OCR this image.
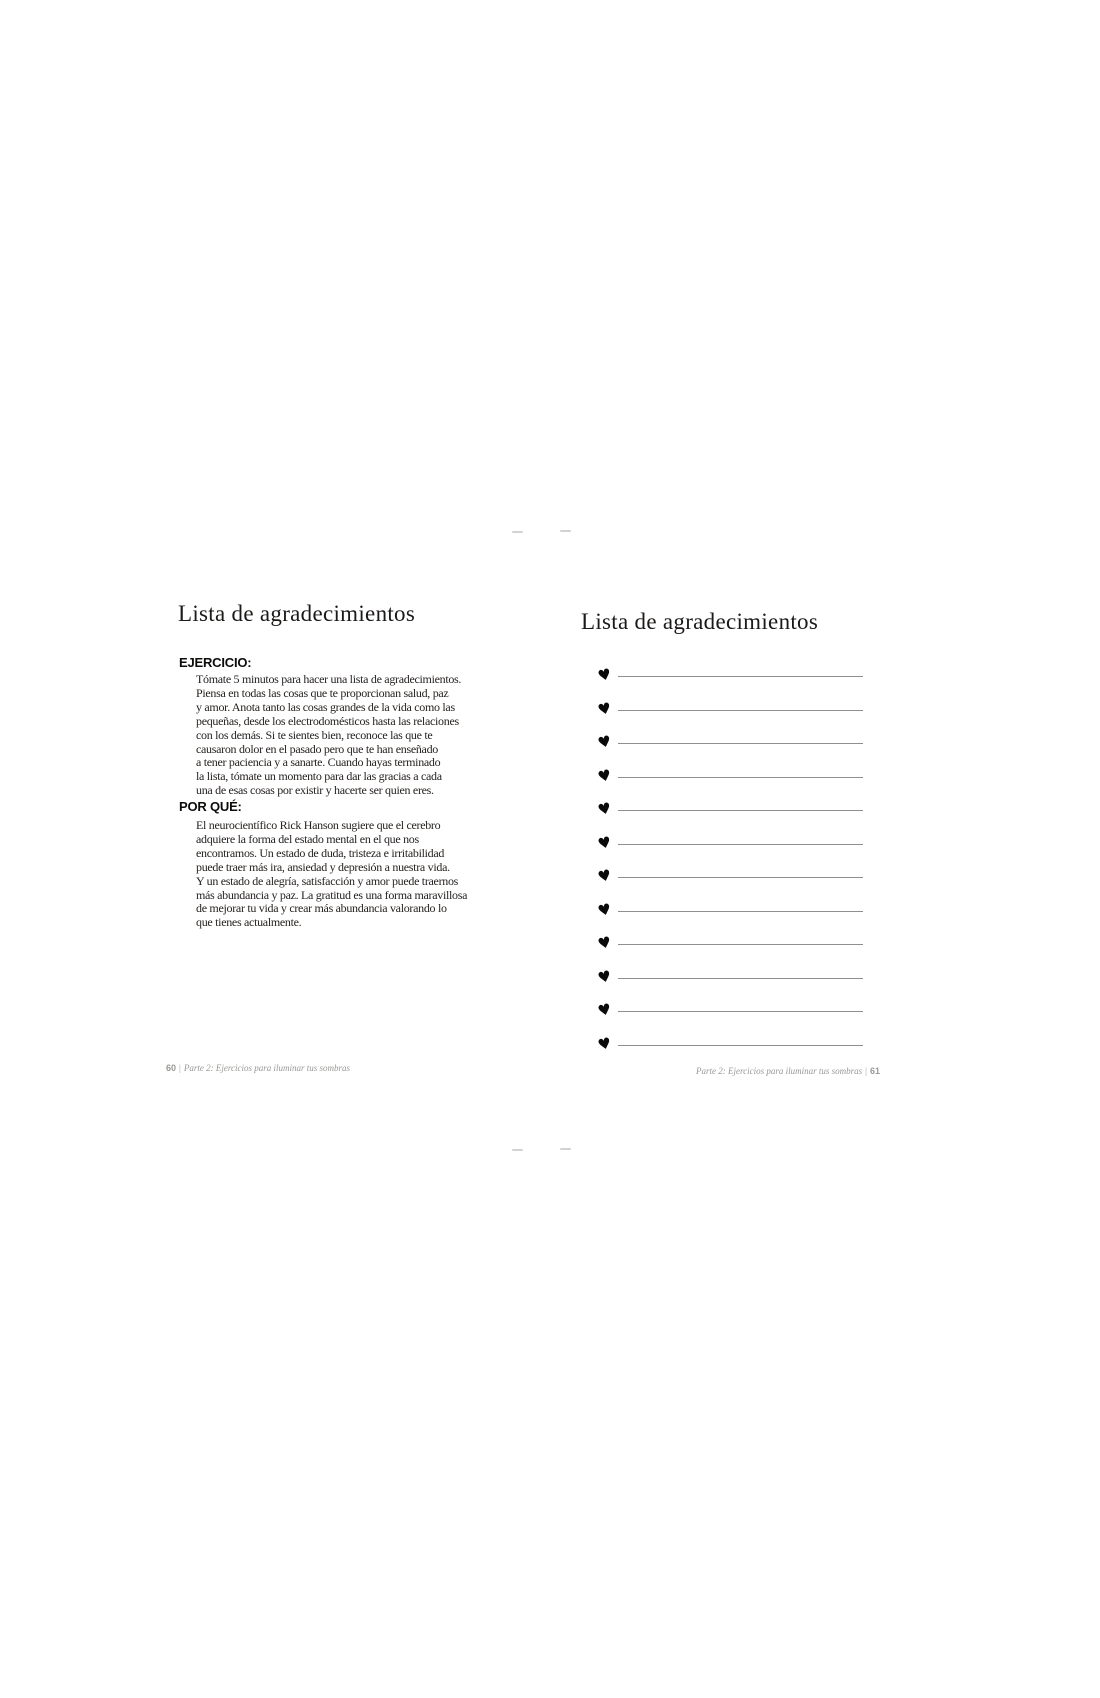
Lista de agradecimientos
EJERCICIO:
Tómate 5 minutos para hacer una lista de agradecimientos.
Piensa en todas las cosas que te proporcionan salud, paz
y amor. Anota tanto las cosas grandes de la vida como las
pequeñas, desde los electrodomésticos hasta las relaciones
con los demás. Si te sientes bien, reconoce las que te
causaron dolor en el pasado pero que te han enseñado
a tener paciencia y a sanarte. Cuando hayas terminado
la lista, tómate un momento para dar las gracias a cada
una de esas cosas por existir y hacerte ser quien eres.
POR QUÉ:
El neurocientífico Rick Hanson sugiere que el cerebro
adquiere la forma del estado mental en el que nos
encontramos. Un estado de duda, tristeza e irritabilidad
puede traer más ira, ansiedad y depresión a nuestra vida.
Y un estado de alegría, satisfacción y amor puede traernos
más abundancia y paz. La gratitud es una forma maravillosa
de mejorar tu vida y crear más abundancia valorando lo
que tienes actualmente.
60 | Parte 2: Ejercicios para iluminar tus sombras
Lista de agradecimientos
♥
♥
♥
♥
♥
♥
♥
♥
♥
♥
♥
♥
Parte 2: Ejercicios para iluminar tus sombras | 61
